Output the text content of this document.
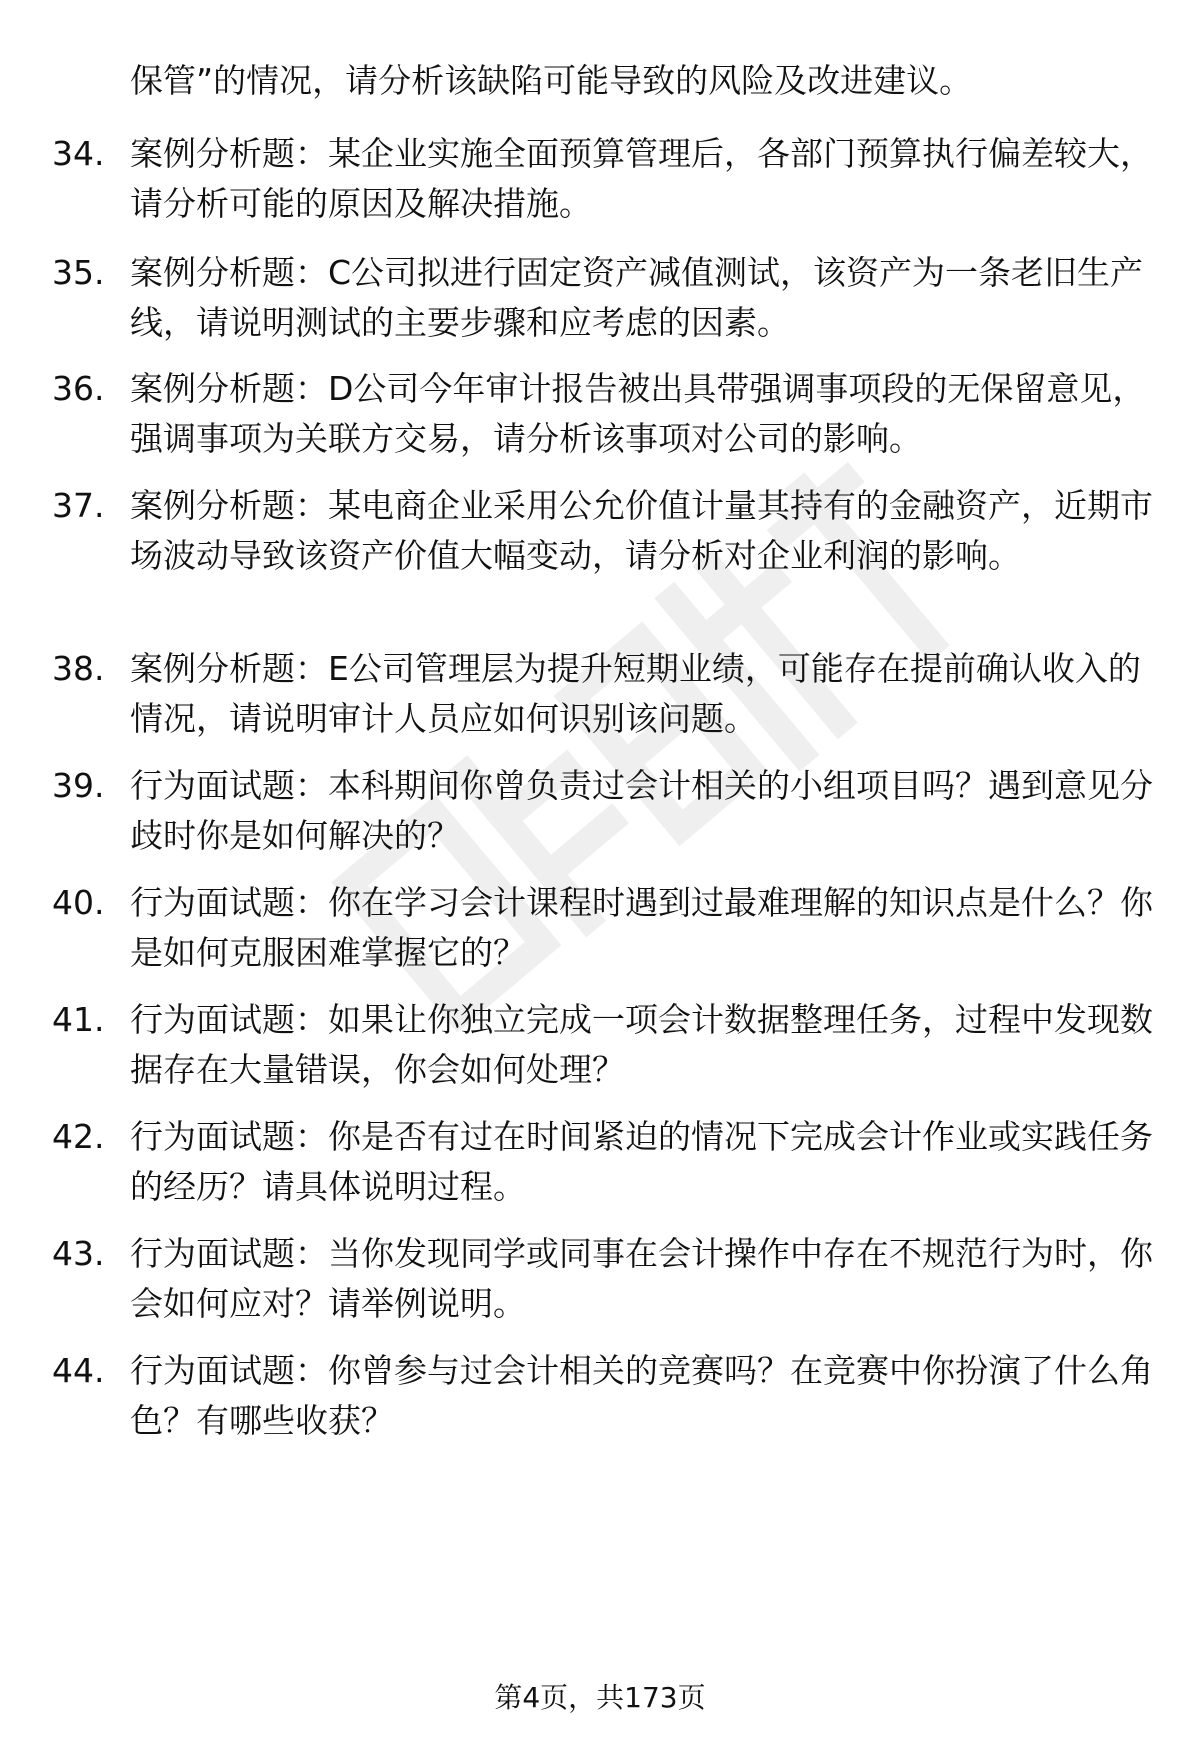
保管”的情况，请分析该缺陷可能导致的风险及改进建议。
34. 案例分析题：某企业实施全面预算管理后，各部门预算执行偏差较大，请分析可能的原因及解决措施。
35. 案例分析题：C公司拟进行固定资产减值测试，该资产为一条老旧生产线，请说明测试的主要步骤和应考虑的因素。
36. 案例分析题：D公司今年审计报告被出具带强调事项段的无保留意见，强调事项为关联方交易，请分析该事项对公司的影响。
37. 案例分析题：某电商企业采用公允价值计量其持有的金融资产，近期市场波动导致该资产价值大幅变动，请分析对企业利润的影响。
38. 案例分析题：E公司管理层为提升短期业绩，可能存在提前确认收入的情况，请说明审计人员应如何识别该问题。
39. 行为面试题：本科期间你曾负责过会计相关的小组项目吗？遇到意见分歧时你是如何解决的？
40. 行为面试题：你在学习会计课程时遇到过最难理解的知识点是什么？你是如何克服困难掌握它的？
41. 行为面试题：如果让你独立完成一项会计数据整理任务，过程中发现数据存在大量错误，你会如何处理？
42. 行为面试题：你是否有过在时间紧迫的情况下完成会计作业或实践任务的经历？请具体说明过程。
43. 行为面试题：当你发现同学或同事在会计操作中存在不规范行为时，你会如何应对？请举例说明。
44. 行为面试题：你曾参与过会计相关的竞赛吗？在竞赛中你扮演了什么角色？有哪些收获？
第4页，共173页
